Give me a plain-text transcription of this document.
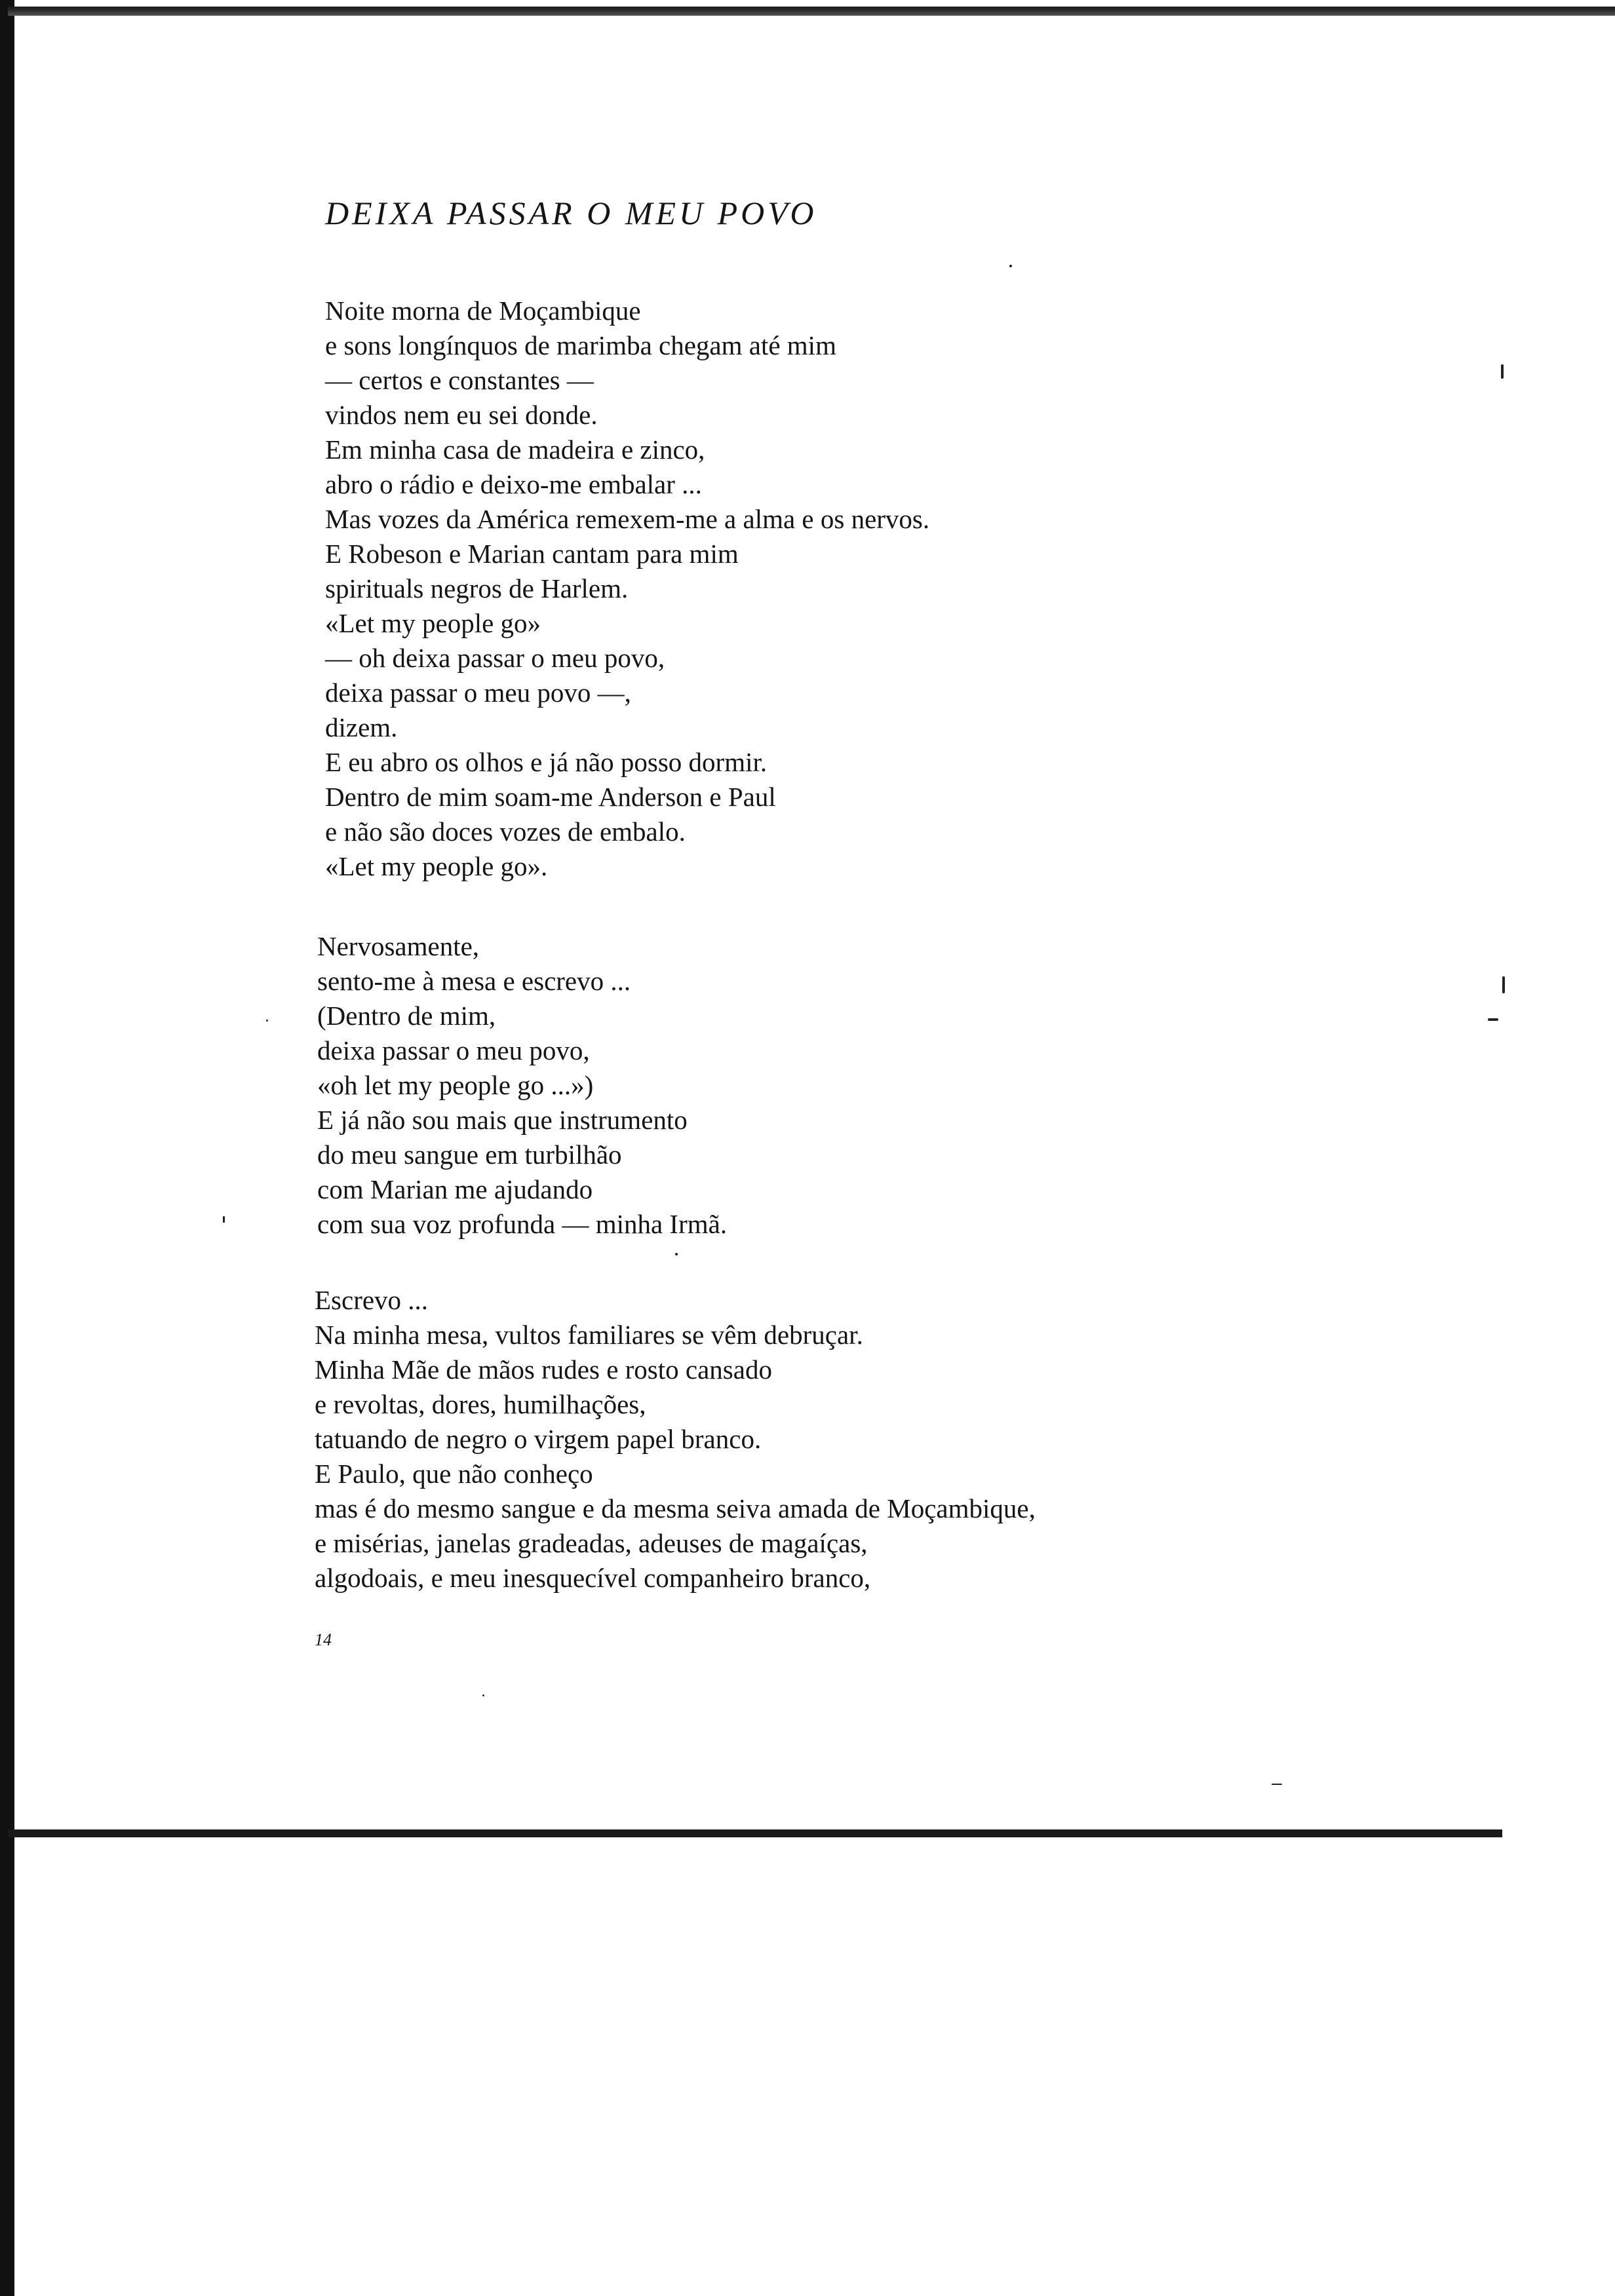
DEIXA PASSAR O MEU POVO
Noite morna de Moçambique
e sons longínquos de marimba chegam até mim
— certos e constantes —
vindos nem eu sei donde.
Em minha casa de madeira e zinco,
abro o rádio e deixo-me embalar ...
Mas vozes da América remexem-me a alma e os nervos.
E Robeson e Marian cantam para mim
spirituals negros de Harlem.
«Let my people go»
— oh deixa passar o meu povo,
deixa passar o meu povo —,
dizem.
E eu abro os olhos e já não posso dormir.
Dentro de mim soam-me Anderson e Paul
e não são doces vozes de embalo.
«Let my people go».
Nervosamente,
sento-me à mesa e escrevo ...
(Dentro de mim,
deixa passar o meu povo,
«oh let my people go ...»)
E já não sou mais que instrumento
do meu sangue em turbilhão
com Marian me ajudando
com sua voz profunda — minha Irmã.
Escrevo ...
Na minha mesa, vultos familiares se vêm debruçar.
Minha Mãe de mãos rudes e rosto cansado
e revoltas, dores, humilhações,
tatuando de negro o virgem papel branco.
E Paulo, que não conheço
mas é do mesmo sangue e da mesma seiva amada de Moçambique,
e misérias, janelas gradeadas, adeuses de magaíças,
algodoais, e meu inesquecível companheiro branco,
14
